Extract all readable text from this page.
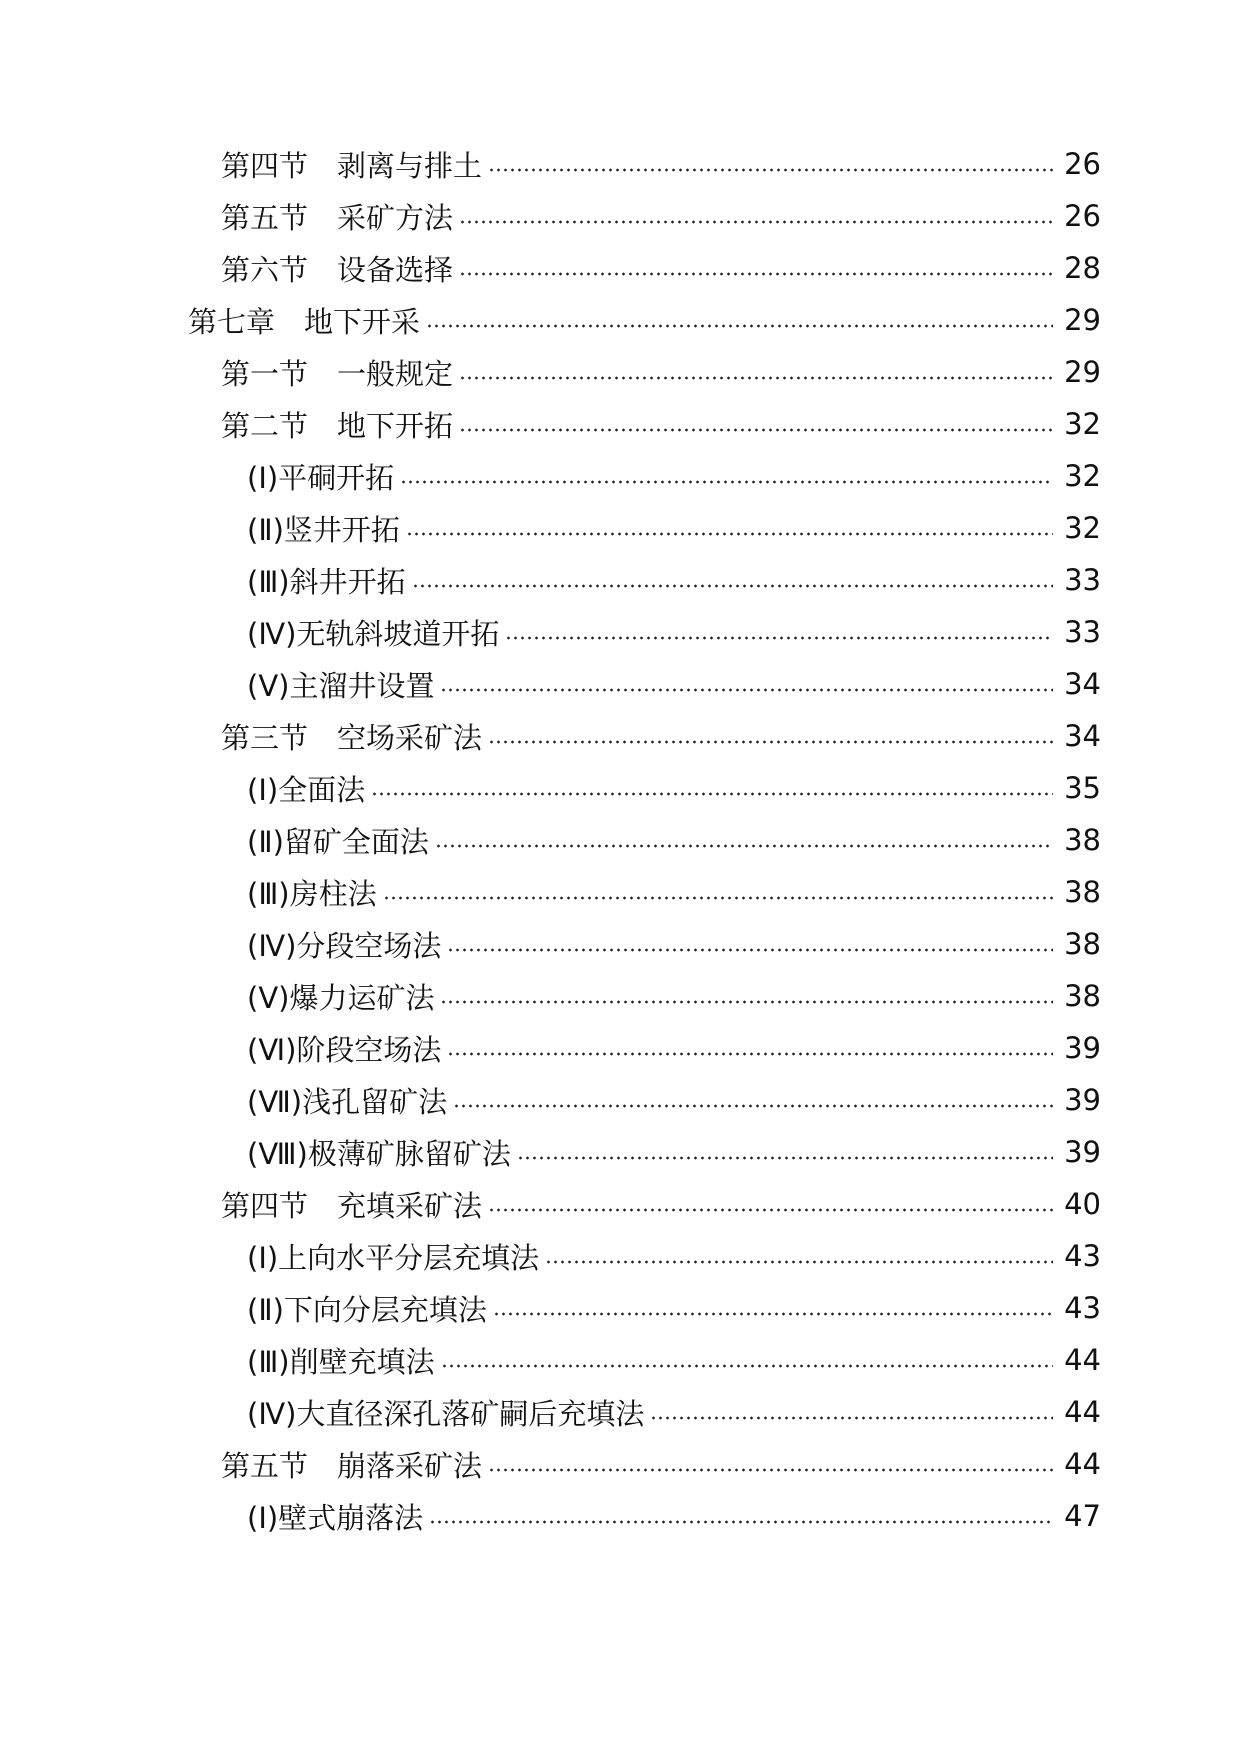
第四节　剥离与排土	26
第五节　采矿方法	26
第六节　设备选择	28
第七章　地下开采	29
第一节　一般规定	29
第二节　地下开拓	32
(Ⅰ)平硐开拓	32
(Ⅱ)竖井开拓	32
(Ⅲ)斜井开拓	33
(Ⅳ)无轨斜坡道开拓	33
(Ⅴ)主溜井设置	34
第三节　空场采矿法	34
(Ⅰ)全面法	35
(Ⅱ)留矿全面法	38
(Ⅲ)房柱法	38
(Ⅳ)分段空场法	38
(Ⅴ)爆力运矿法	38
(Ⅵ)阶段空场法	39
(Ⅶ)浅孔留矿法	39
(Ⅷ)极薄矿脉留矿法	39
第四节　充填采矿法	40
(Ⅰ)上向水平分层充填法	43
(Ⅱ)下向分层充填法	43
(Ⅲ)削壁充填法	44
(Ⅳ)大直径深孔落矿嗣后充填法	44
第五节　崩落采矿法	44
(Ⅰ)壁式崩落法	47
